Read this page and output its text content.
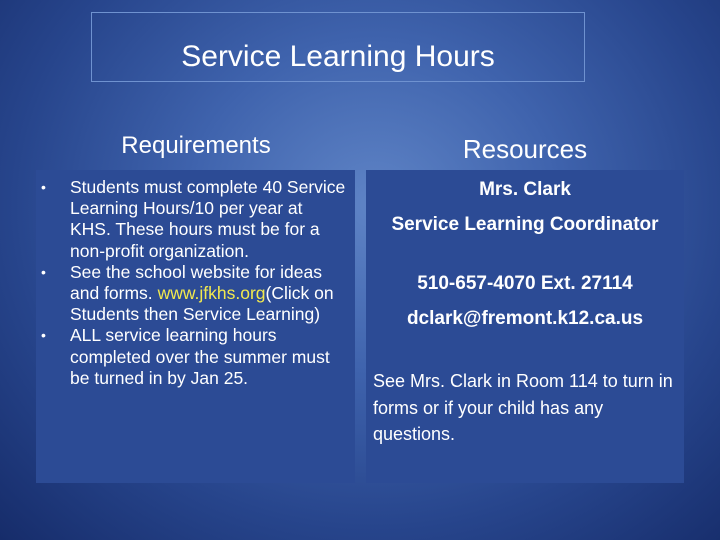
Service Learning Hours
Requirements	Resources
• Students must complete 40 Service Learning Hours/10 per year at KHS. These hours must be for a non-profit organization.
• See the school website for ideas and forms. www.jfkhs.org(Click on Students then Service Learning)
• ALL service learning hours completed over the summer must be turned in by Jan 25.
Mrs. Clark
Service Learning Coordinator
510-657-4070 Ext. 27114
dclark@fremont.k12.ca.us
See Mrs. Clark in Room 114 to turn in forms or if your child has any questions.
